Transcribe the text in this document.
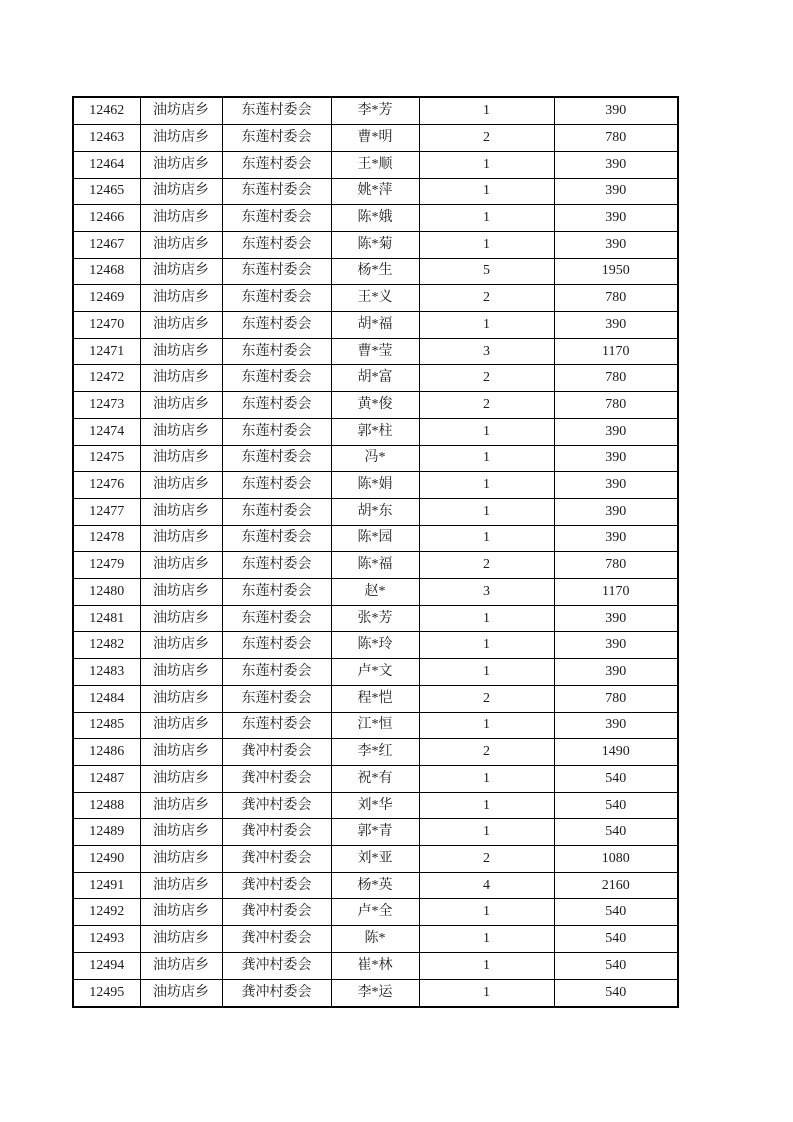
12462	油坊店乡	东莲村委会	李*芳	1	390
12463	油坊店乡	东莲村委会	曹*明	2	780
12464	油坊店乡	东莲村委会	王*顺	1	390
12465	油坊店乡	东莲村委会	姚*萍	1	390
12466	油坊店乡	东莲村委会	陈*娥	1	390
12467	油坊店乡	东莲村委会	陈*菊	1	390
12468	油坊店乡	东莲村委会	杨*生	5	1950
12469	油坊店乡	东莲村委会	王*义	2	780
12470	油坊店乡	东莲村委会	胡*福	1	390
12471	油坊店乡	东莲村委会	曹*莹	3	1170
12472	油坊店乡	东莲村委会	胡*富	2	780
12473	油坊店乡	东莲村委会	黄*俊	2	780
12474	油坊店乡	东莲村委会	郭*柱	1	390
12475	油坊店乡	东莲村委会	冯*	1	390
12476	油坊店乡	东莲村委会	陈*娟	1	390
12477	油坊店乡	东莲村委会	胡*东	1	390
12478	油坊店乡	东莲村委会	陈*园	1	390
12479	油坊店乡	东莲村委会	陈*福	2	780
12480	油坊店乡	东莲村委会	赵*	3	1170
12481	油坊店乡	东莲村委会	张*芳	1	390
12482	油坊店乡	东莲村委会	陈*玲	1	390
12483	油坊店乡	东莲村委会	卢*文	1	390
12484	油坊店乡	东莲村委会	程*恺	2	780
12485	油坊店乡	东莲村委会	江*恒	1	390
12486	油坊店乡	龚冲村委会	李*红	2	1490
12487	油坊店乡	龚冲村委会	祝*有	1	540
12488	油坊店乡	龚冲村委会	刘*华	1	540
12489	油坊店乡	龚冲村委会	郭*青	1	540
12490	油坊店乡	龚冲村委会	刘*亚	2	1080
12491	油坊店乡	龚冲村委会	杨*英	4	2160
12492	油坊店乡	龚冲村委会	卢*全	1	540
12493	油坊店乡	龚冲村委会	陈*	1	540
12494	油坊店乡	龚冲村委会	崔*林	1	540
12495	油坊店乡	龚冲村委会	李*运	1	540
